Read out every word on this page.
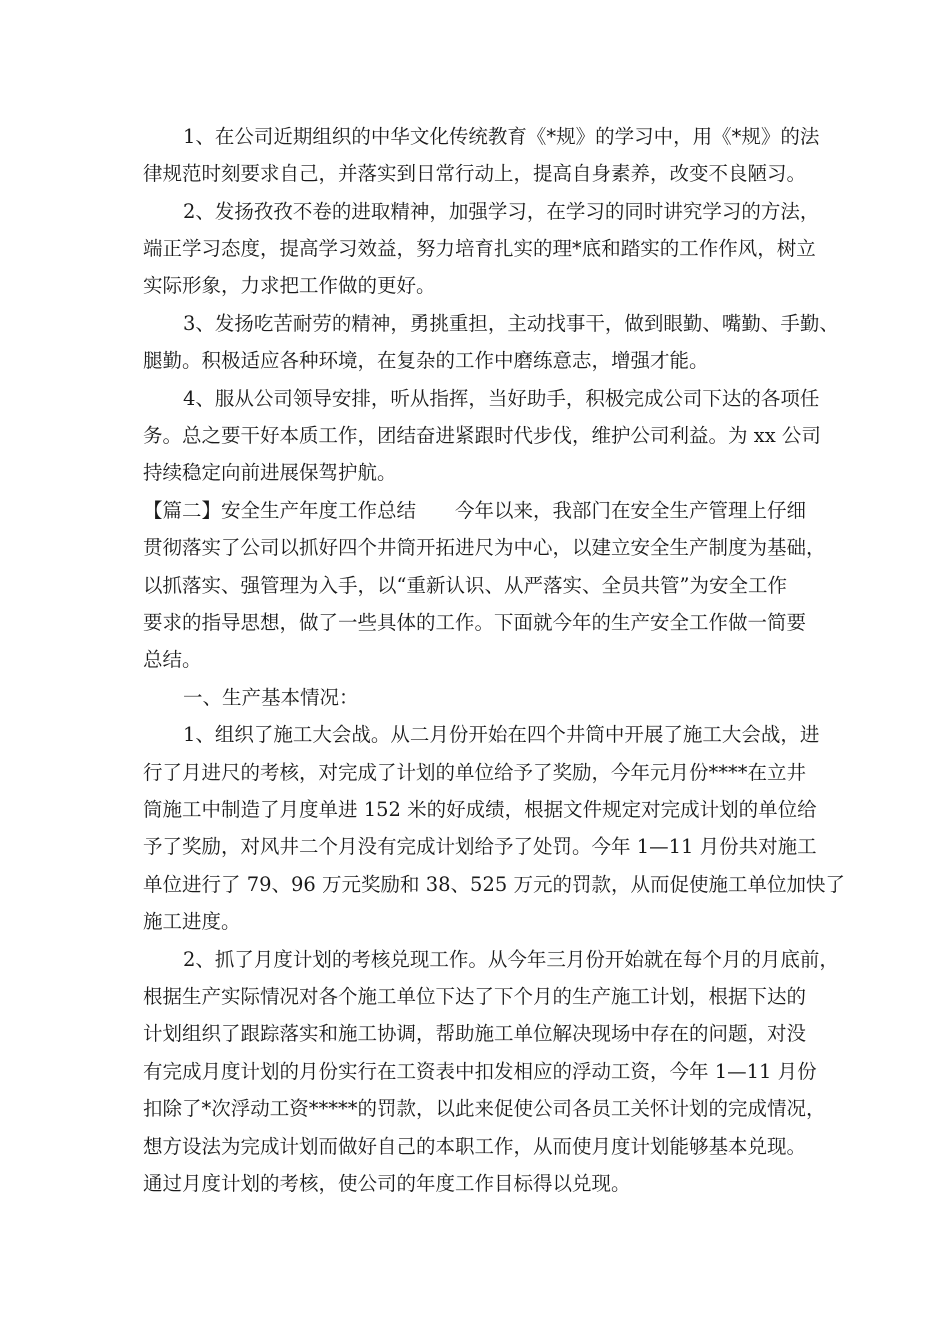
1、在公司近期组织的中华文化传统教育《*规》的学习中，用《*规》的法
律规范时刻要求自己，并落实到日常行动上，提高自身素养，改变不良陋习。
2、发扬孜孜不卷的进取精神，加强学习，在学习的同时讲究学习的方法，
端正学习态度，提高学习效益，努力培育扎实的理*底和踏实的工作作风，树立
实际形象，力求把工作做的更好。
3、发扬吃苦耐劳的精神，勇挑重担，主动找事干，做到眼勤、嘴勤、手勤、
腿勤。积极适应各种环境，在复杂的工作中磨练意志，增强才能。
4、服从公司领导安排，听从指挥，当好助手，积极完成公司下达的各项任
务。总之要干好本质工作，团结奋进紧跟时代步伐，维护公司利益。为 xx 公司
持续稳定向前进展保驾护航。
【篇二】安全生产年度工作总结　　今年以来，我部门在安全生产管理上仔细
贯彻落实了公司以抓好四个井筒开拓进尺为中心，以建立安全生产制度为基础，
以抓落实、强管理为入手，以“重新认识、从严落实、全员共管”为安全工作
要求的指导思想，做了一些具体的工作。下面就今年的生产安全工作做一简要
总结。
一、生产基本情况：
1、组织了施工大会战。从二月份开始在四个井筒中开展了施工大会战，进
行了月进尺的考核，对完成了计划的单位给予了奖励，今年元月份****在立井
筒施工中制造了月度单进 152 米的好成绩，根据文件规定对完成计划的单位给
予了奖励，对风井二个月没有完成计划给予了处罚。今年 1—11 月份共对施工
单位进行了 79、96 万元奖励和 38、525 万元的罚款，从而促使施工单位加快了
施工进度。
2、抓了月度计划的考核兑现工作。从今年三月份开始就在每个月的月底前，
根据生产实际情况对各个施工单位下达了下个月的生产施工计划，根据下达的
计划组织了跟踪落实和施工协调，帮助施工单位解决现场中存在的问题，对没
有完成月度计划的月份实行在工资表中扣发相应的浮动工资，今年 1—11 月份
扣除了*次浮动工资*****的罚款，以此来促使公司各员工关怀计划的完成情况，
想方设法为完成计划而做好自己的本职工作，从而使月度计划能够基本兑现。
通过月度计划的考核，使公司的年度工作目标得以兑现。
